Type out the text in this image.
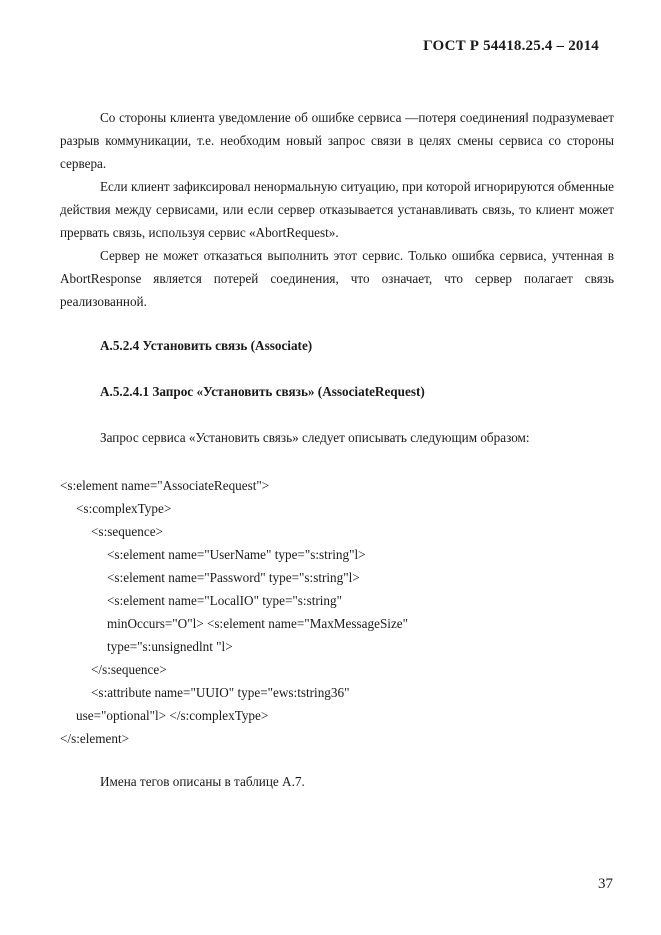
ГОСТ Р 54418.25.4 – 2014

Со стороны клиента уведомление об ошибке сервиса ―потеря соединения‖ подразумевает разрыв коммуникации, т.е. необходим новый запрос связи в целях смены сервиса со стороны сервера.

Если клиент зафиксировал ненормальную ситуацию, при которой игнорируются обменные действия между сервисами, или если сервер отказывается устанавливать связь, то клиент может прервать связь, используя сервис «AbortRequest».

Сервер не может отказаться выполнить этот сервис. Только ошибка сервиса, учтенная в AbortResponse является потерей соединения, что означает, что сервер полагает связь реализованной.

А.5.2.4 Установить связь (Associate)

А.5.2.4.1 Запрос «Установить связь» (AssociateRequest)

Запрос сервиса «Установить связь» следует описывать следующим образом:

<s:element name="AssociateRequest">
<s:complexType>
<s:sequence>
<s:element name="UserName" type="s:string"l>
<s:element name="Password" type="s:string"l>
<s:element name="LocalIO" type="s:string"
minOccurs="O"l> <s:element name="MaxMessageSize"
type="s:unsignedlnt "l>
</s:sequence>
<s:attribute name="UUIO" type="ews:tstring36"
use="optional"l> </s:complexType>
</s:element>

Имена тегов описаны в таблице А.7.

37
